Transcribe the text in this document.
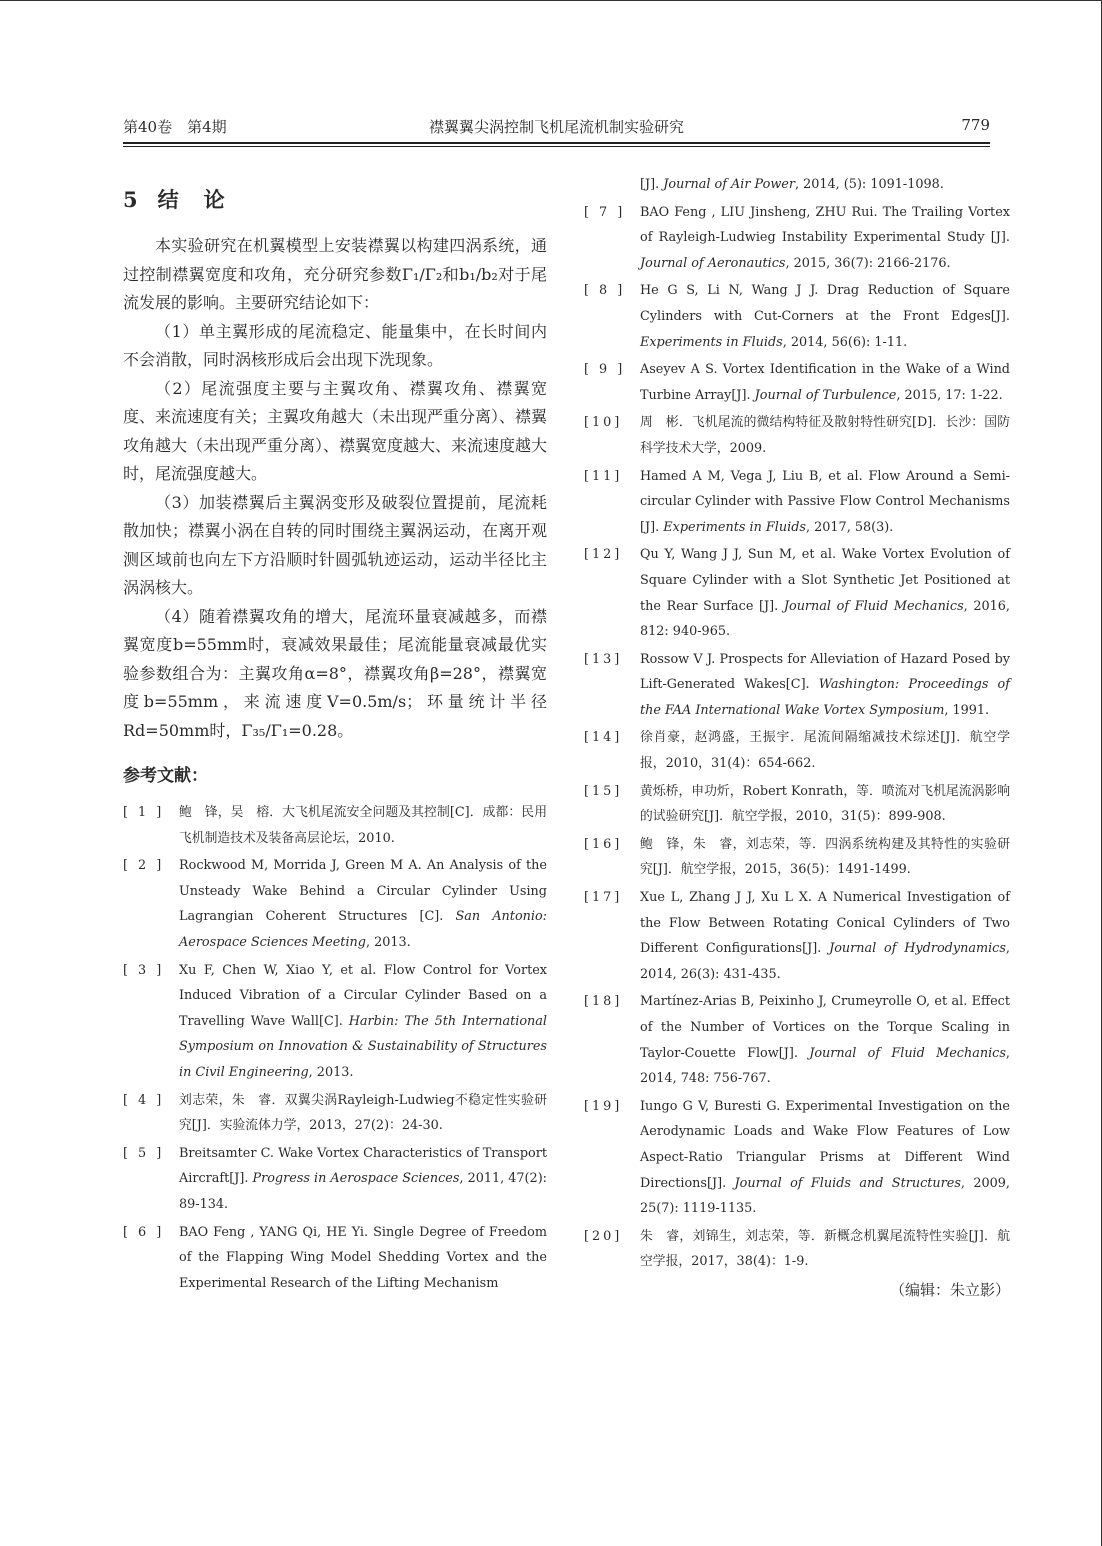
第40卷　第4期	襟翼翼尖涡控制飞机尾流机制实验研究	779
5 结　论

本实验研究在机翼模型上安装襟翼以构建四涡系统，通过控制襟翼宽度和攻角，充分研究参数Γ₁/Γ₂和b₁/b₂对于尾流发展的影响。主要研究结论如下：

（1）单主翼形成的尾流稳定、能量集中，在长时间内不会消散，同时涡核形成后会出现下洗现象。

（2）尾流强度主要与主翼攻角、襟翼攻角、襟翼宽度、来流速度有关；主翼攻角越大（未出现严重分离）、襟翼攻角越大（未出现严重分离）、襟翼宽度越大、来流速度越大时，尾流强度越大。

（3）加装襟翼后主翼涡变形及破裂位置提前，尾流耗散加快；襟翼小涡在自转的同时围绕主翼涡运动，在离开观测区域前也向左下方沿顺时针圆弧轨迹运动，运动半径比主涡涡核大。

（4）随着襟翼攻角的增大，尾流环量衰减越多，而襟翼宽度b=55mm时，衰减效果最佳；尾流能量衰减最优实验参数组合为：主翼攻角α=8°，襟翼攻角β=28°，襟翼宽度b=55mm，来流速度V=0.5m/s；环量统计半径Rd=50mm时，Γ₃₅/Γ₁=0.28。

参考文献：
[ 1 ]	鲍　锋，吴　榕．大飞机尾流安全问题及其控制[C]．成都：民用飞机制造技术及装备高层论坛，2010.
[ 2 ]	Rockwood M, Morrida J, Green M A. An Analysis of the Unsteady Wake Behind a Circular Cylinder Using Lagrangian Coherent Structures [C]. San Antonio: Aerospace Sciences Meeting, 2013.
[ 3 ]	Xu F, Chen W, Xiao Y, et al. Flow Control for Vortex Induced Vibration of a Circular Cylinder Based on a Travelling Wave Wall[C]. Harbin: The 5th International Symposium on Innovation & Sustainability of Structures in Civil Engineering, 2013.
[ 4 ]	刘志荣，朱　睿．双翼尖涡Rayleigh-Ludwieg不稳定性实验研究[J]．实验流体力学，2013，27(2)：24-30.
[ 5 ]	Breitsamter C. Wake Vortex Characteristics of Transport Aircraft[J]. Progress in Aerospace Sciences, 2011, 47(2): 89-134.
[ 6 ]	BAO Feng , YANG Qi, HE Yi. Single Degree of Freedom of the Flapping Wing Model Shedding Vortex and the Experimental Research of the Lifting Mechanism
[J]. Journal of Air Power, 2014, (5): 1091-1098.
[ 7 ]	BAO Feng , LIU Jinsheng, ZHU Rui. The Trailing Vortex of Rayleigh-Ludwieg Instability Experimental Study [J]. Journal of Aeronautics, 2015, 36(7): 2166-2176.
[ 8 ]	He G S, Li N, Wang J J. Drag Reduction of Square Cylinders with Cut-Corners at the Front Edges[J]. Experiments in Fluids, 2014, 56(6): 1-11.
[ 9 ]	Aseyev A S. Vortex Identification in the Wake of a Wind Turbine Array[J]. Journal of Turbulence, 2015, 17: 1-22.
[10]	周　彬．飞机尾流的微结构特征及散射特性研究[D]．长沙：国防科学技术大学，2009.
[11]	Hamed A M, Vega J, Liu B, et al. Flow Around a Semi-circular Cylinder with Passive Flow Control Mechanisms [J]. Experiments in Fluids, 2017, 58(3).
[12]	Qu Y, Wang J J, Sun M, et al. Wake Vortex Evolution of Square Cylinder with a Slot Synthetic Jet Positioned at the Rear Surface [J]. Journal of Fluid Mechanics, 2016, 812: 940-965.
[13]	Rossow V J. Prospects for Alleviation of Hazard Posed by Lift-Generated Wakes[C]. Washington: Proceedings of the FAA International Wake Vortex Symposium, 1991.
[14]	徐肖豪，赵鸿盛，王振宇．尾流间隔缩减技术综述[J]．航空学报，2010，31(4)：654-662.
[15]	黄烁桥，申功炘，Robert Konrath，等．喷流对飞机尾流涡影响的试验研究[J]．航空学报，2010，31(5)：899-908.
[16]	鲍　锋，朱　睿，刘志荣，等．四涡系统构建及其特性的实验研究[J]．航空学报，2015，36(5)：1491-1499.
[17]	Xue L, Zhang J J, Xu L X. A Numerical Investigation of the Flow Between Rotating Conical Cylinders of Two Different Configurations[J]. Journal of Hydrodynamics, 2014, 26(3): 431-435.
[18]	Martínez-Arias B, Peixinho J, Crumeyrolle O, et al. Effect of the Number of Vortices on the Torque Scaling in Taylor-Couette Flow[J]. Journal of Fluid Mechanics, 2014, 748: 756-767.
[19]	Iungo G V, Buresti G. Experimental Investigation on the Aerodynamic Loads and Wake Flow Features of Low Aspect-Ratio Triangular Prisms at Different Wind Directions[J]. Journal of Fluids and Structures, 2009, 25(7): 1119-1135.
[20]	朱　睿，刘锦生，刘志荣，等．新概念机翼尾流特性实验[J]．航空学报，2017，38(4)：1-9.
（编辑：朱立影）
